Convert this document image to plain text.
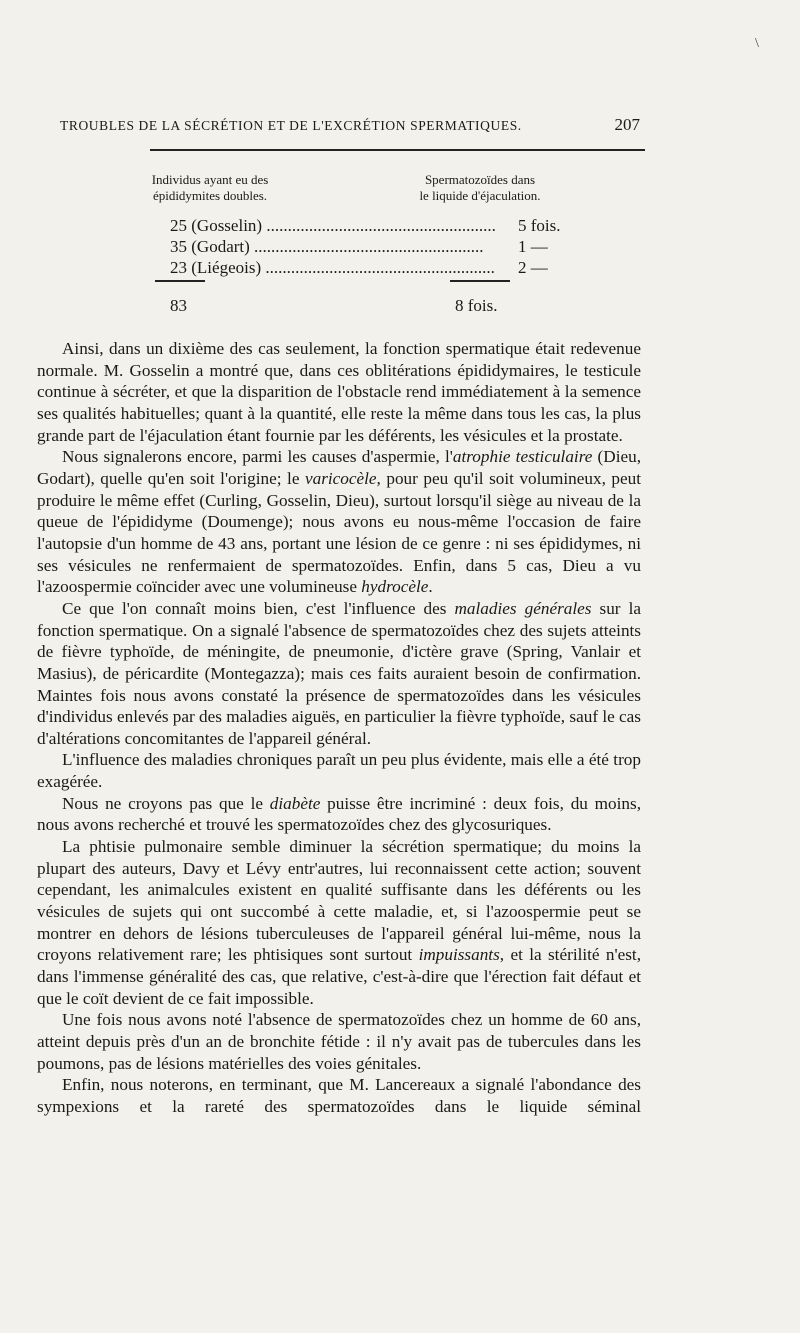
\
TROUBLES DE LA SÉCRÉTION ET DE L'EXCRÉTION SPERMATIQUES.	207
Individus ayant eu des
épididymites doubles.
Spermatozoïdes dans
le liquide d'éjaculation.
25 (Gosselin) .....	5 fois.
35 (Godart) .....	1 —
23 (Liégeois) .....	2 —
83	8 fois.

Ainsi, dans un dixième des cas seulement, la fonction spermatique était redevenue normale. M. Gosselin a montré que, dans ces oblitérations épididymaires, le testicule continue à sécréter, et que la disparition de l'obstacle rend immédiatement à la semence ses qualités habituelles; quant à la quantité, elle reste la même dans tous les cas, la plus grande part de l'éjaculation étant fournie par les déférents, les vésicules et la prostate.

Nous signalerons encore, parmi les causes d'aspermie, l'atrophie testiculaire (Dieu, Godart), quelle qu'en soit l'origine; le varicocèle, pour peu qu'il soit volumineux, peut produire le même effet (Curling, Gosselin, Dieu), surtout lorsqu'il siège au niveau de la queue de l'épididyme (Doumenge); nous avons eu nous-même l'occasion de faire l'autopsie d'un homme de 43 ans, portant une lésion de ce genre : ni ses épididymes, ni ses vésicules ne renfermaient de spermatozoïdes. Enfin, dans 5 cas, Dieu a vu l'azoospermie coïncider avec une volumineuse hydrocèle.

Ce que l'on connaît moins bien, c'est l'influence des maladies générales sur la fonction spermatique. On a signalé l'absence de spermatozoïdes chez des sujets atteints de fièvre typhoïde, de méningite, de pneumonie, d'ictère grave (Spring, Vanlair et Masius), de péricardite (Montegazza); mais ces faits auraient besoin de confirmation. Maintes fois nous avons constaté la présence de spermatozoïdes dans les vésicules d'individus enlevés par des maladies aiguës, en particulier la fièvre typhoïde, sauf le cas d'altérations concomitantes de l'appareil général.

L'influence des maladies chroniques paraît un peu plus évidente, mais elle a été trop exagérée.

Nous ne croyons pas que le diabète puisse être incriminé : deux fois, du moins, nous avons recherché et trouvé les spermatozoïdes chez des glycosuriques.

La phtisie pulmonaire semble diminuer la sécrétion spermatique; du moins la plupart des auteurs, Davy et Lévy entr'autres, lui reconnaissent cette action; souvent cependant, les animalcules existent en qualité suffisante dans les déférents ou les vésicules de sujets qui ont succombé à cette maladie, et, si l'azoospermie peut se montrer en dehors de lésions tuberculeuses de l'appareil général lui-même, nous la croyons relativement rare; les phtisiques sont surtout impuissants, et la stérilité n'est, dans l'immense généralité des cas, que relative, c'est-à-dire que l'érection fait défaut et que le coït devient de ce fait impossible.

Une fois nous avons noté l'absence de spermatozoïdes chez un homme de 60 ans, atteint depuis près d'un an de bronchite fétide : il n'y avait pas de tubercules dans les poumons, pas de lésions matérielles des voies génitales.

Enfin, nous noterons, en terminant, que M. Lancereaux a signalé l'abondance des sympexions et la rareté des spermatozoïdes dans le liquide séminal
